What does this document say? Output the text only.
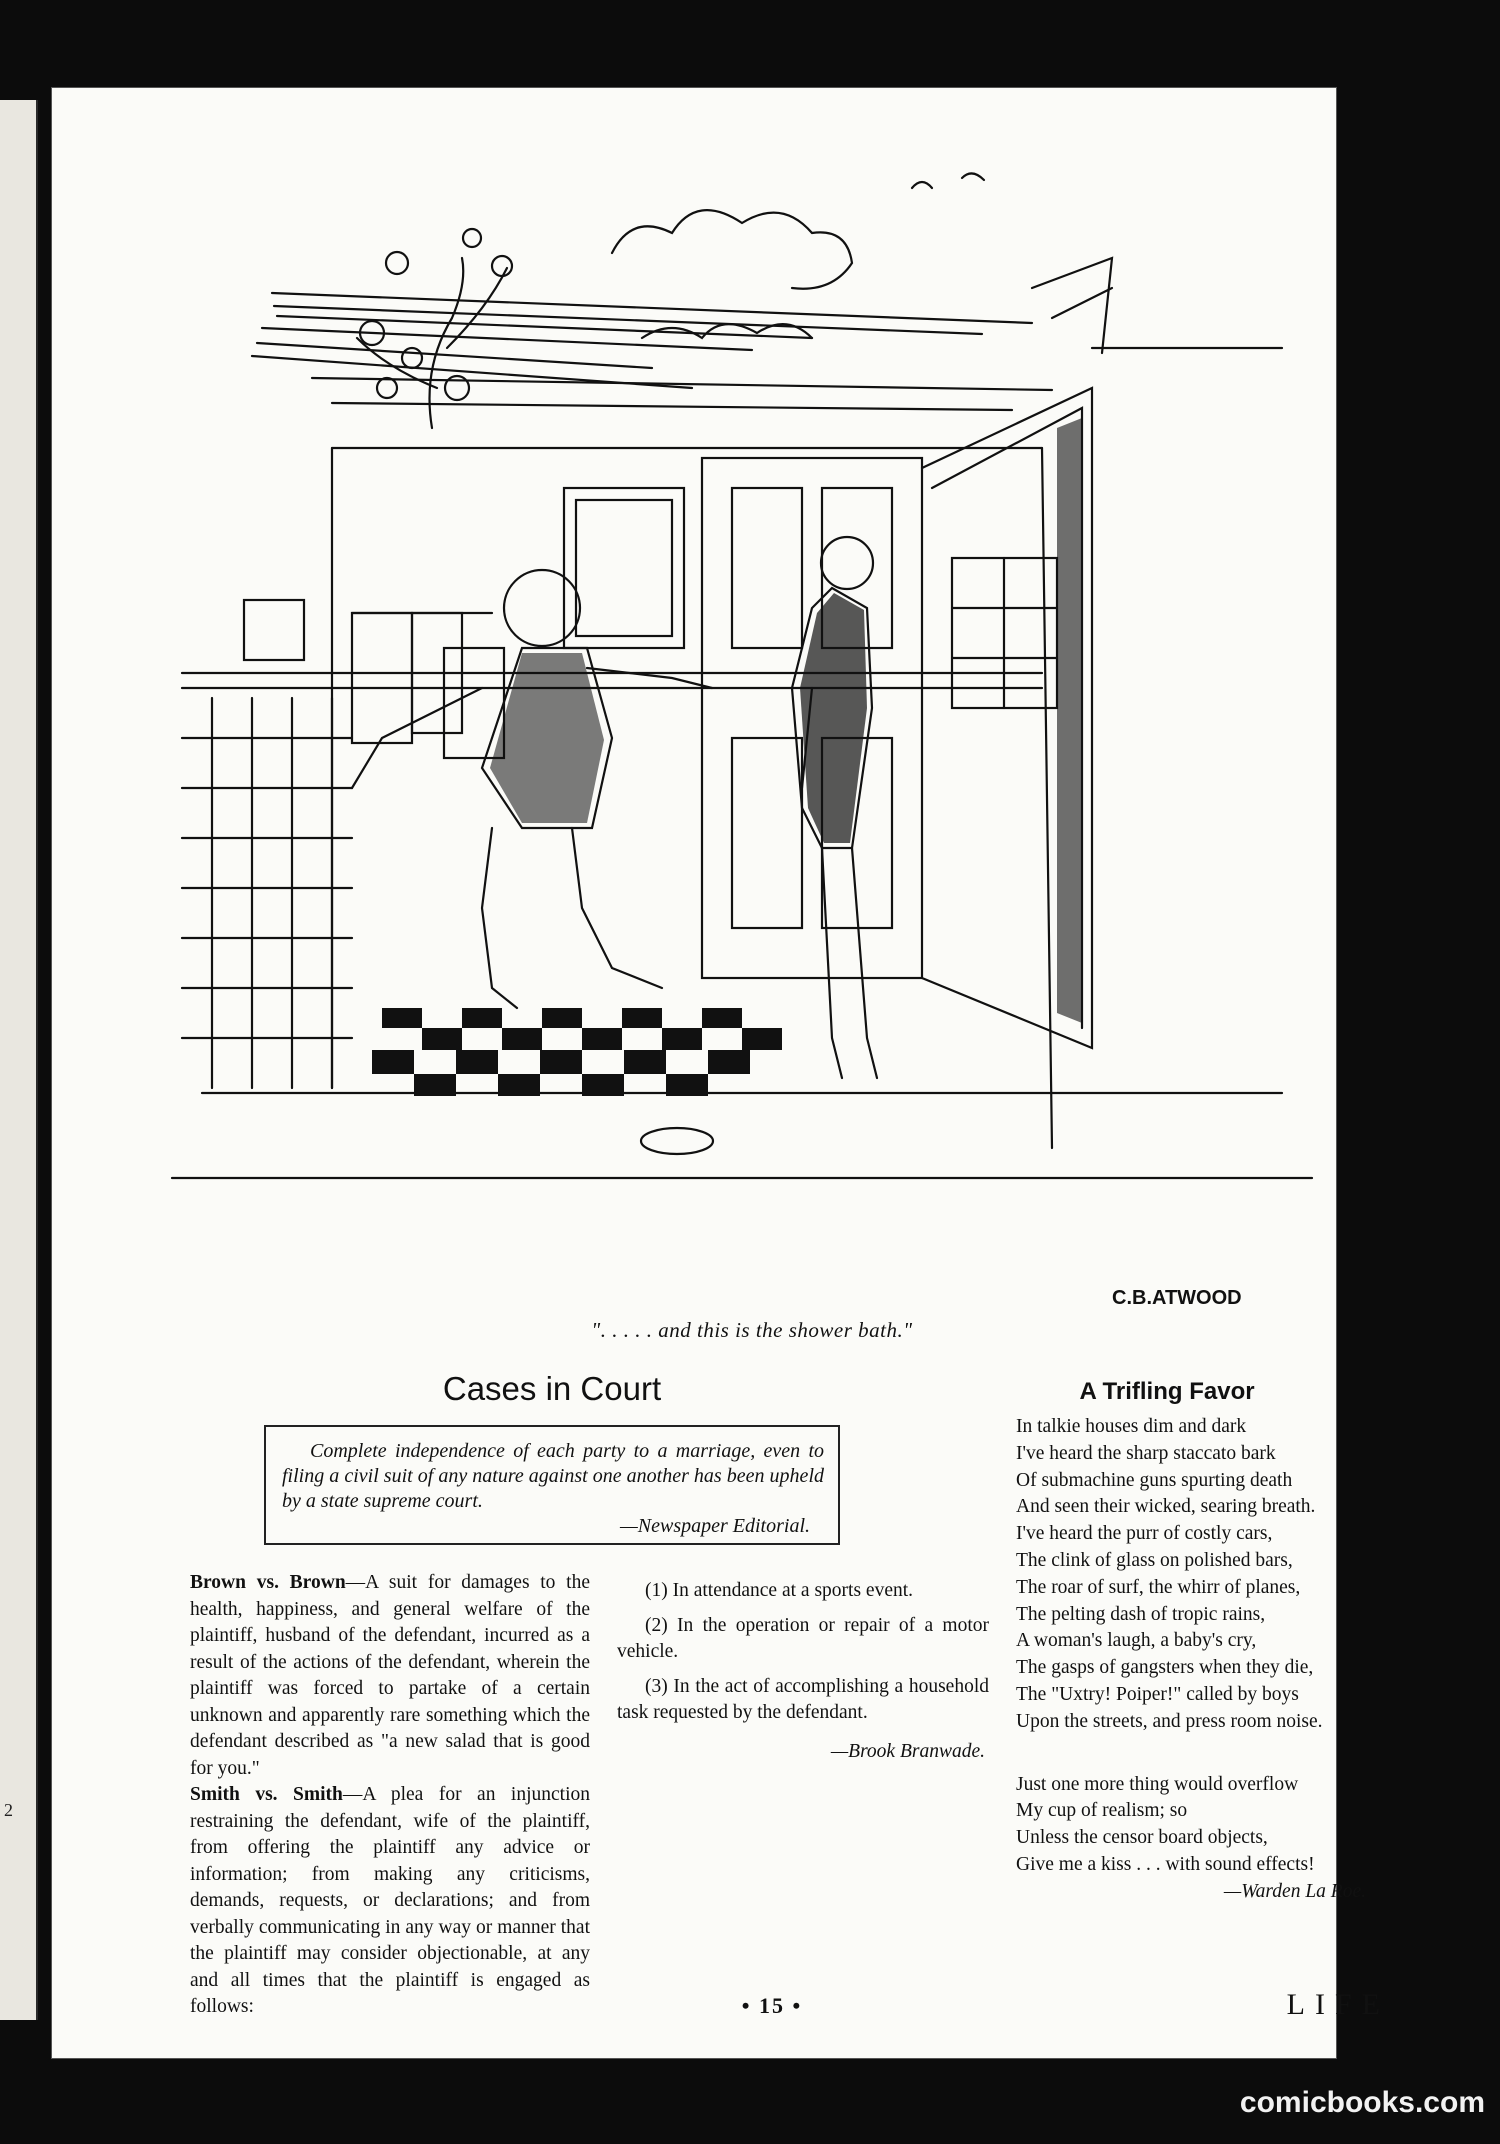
2
C.B.ATWOOD
". . . . . and this is the shower bath."
Cases in Court
Complete independence of each party to a marriage, even to filing a civil suit of any nature against one another has been upheld by a state supreme court.
—Newspaper Editorial.

Brown vs. Brown—A suit for damages to the health, happiness, and general welfare of the plaintiff, husband of the defendant, incurred as a result of the actions of the defendant, wherein the plaintiff was forced to partake of a certain unknown and apparently rare something which the defendant described as "a new salad that is good for you."

Smith vs. Smith—A plea for an injunction restraining the defendant, wife of the plaintiff, from offering the plaintiff any advice or information; from making any criticisms, demands, requests, or declarations; and from verbally communicating in any way or manner that the plaintiff may consider objectionable, at any and all times that the plaintiff is engaged as follows:

(1) In attendance at a sports event.

(2) In the operation or repair of a motor vehicle.

(3) In the act of accomplishing a household task requested by the defendant.

—Brook Branwade.

A Trifling Favor
In talkie houses dim and dark
I've heard the sharp staccato bark
Of submachine guns spurting death
And seen their wicked, searing breath.
I've heard the purr of costly cars,
The clink of glass on polished bars,
The roar of surf, the whirr of planes,
The pelting dash of tropic rains,
A woman's laugh, a baby's cry,
The gasps of gangsters when they die,
The "Uxtry! Poiper!" called by boys
Upon the streets, and press room noise.
Just one more thing would overflow
My cup of realism; so
Unless the censor board objects,
Give me a kiss . . . with sound effects!
—Warden La Roe.
• 15 •	LIFE
comicbooks.com
